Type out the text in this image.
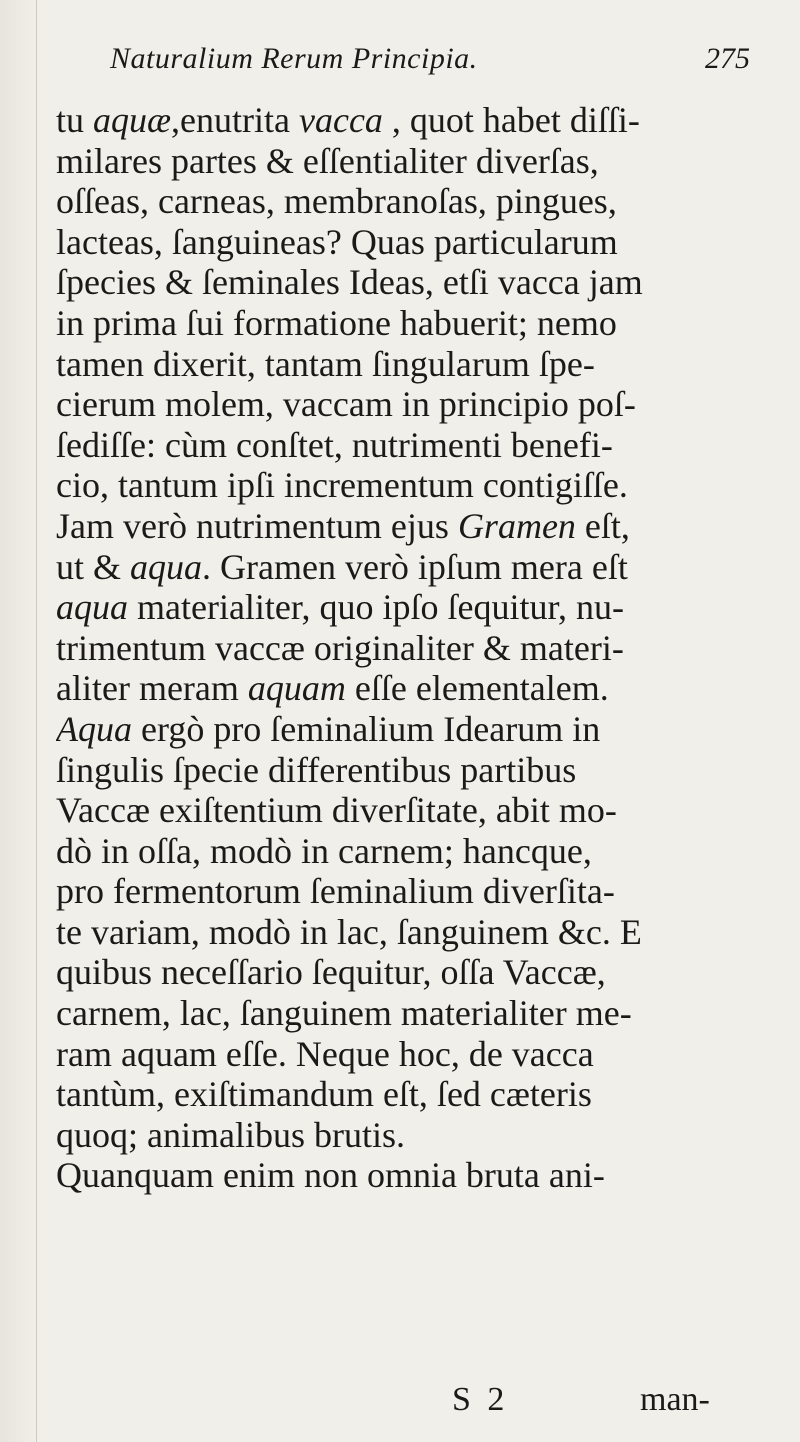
Naturalium Rerum Principia.	275
tu aquæ,enutrita vacca , quot habet diſſi-
milares partes & eſſentialiter diverſas,
oſſeas, carneas, membranoſas, pingues,
lacteas, ſanguineas? Quas particularum
ſpecies & ſeminales Ideas, etſi vacca jam
in prima ſui formatione habuerit; nemo
tamen dixerit, tantam ſingularum ſpe-
cierum molem, vaccam in principio poſ-
ſediſſe: cùm conſtet, nutrimenti benefi-
cio, tantum ipſi incrementum contigiſſe.
Jam verò nutrimentum ejus Gramen eſt,
ut & aqua. Gramen verò ipſum mera eſt
aqua materialiter, quo ipſo ſequitur, nu-
trimentum vaccæ originaliter & materi-
aliter meram aquam eſſe elementalem.
Aqua ergò pro ſeminalium Idearum in
ſingulis ſpecie differentibus partibus
Vaccæ exiſtentium diverſitate, abit mo-
dò in oſſa, modò in carnem; hancque,
pro fermentorum ſeminalium diverſita-
te variam, modò in lac, ſanguinem &c. E
quibus neceſſario ſequitur, oſſa Vaccæ,
carnem, lac, ſanguinem materialiter me-
ram aquam eſſe. Neque hoc, de vacca
tantùm, exiſtimandum eſt, ſed cæteris
quoq; animalibus brutis.
Quanquam enim non omnia bruta ani-
S 2	man-
